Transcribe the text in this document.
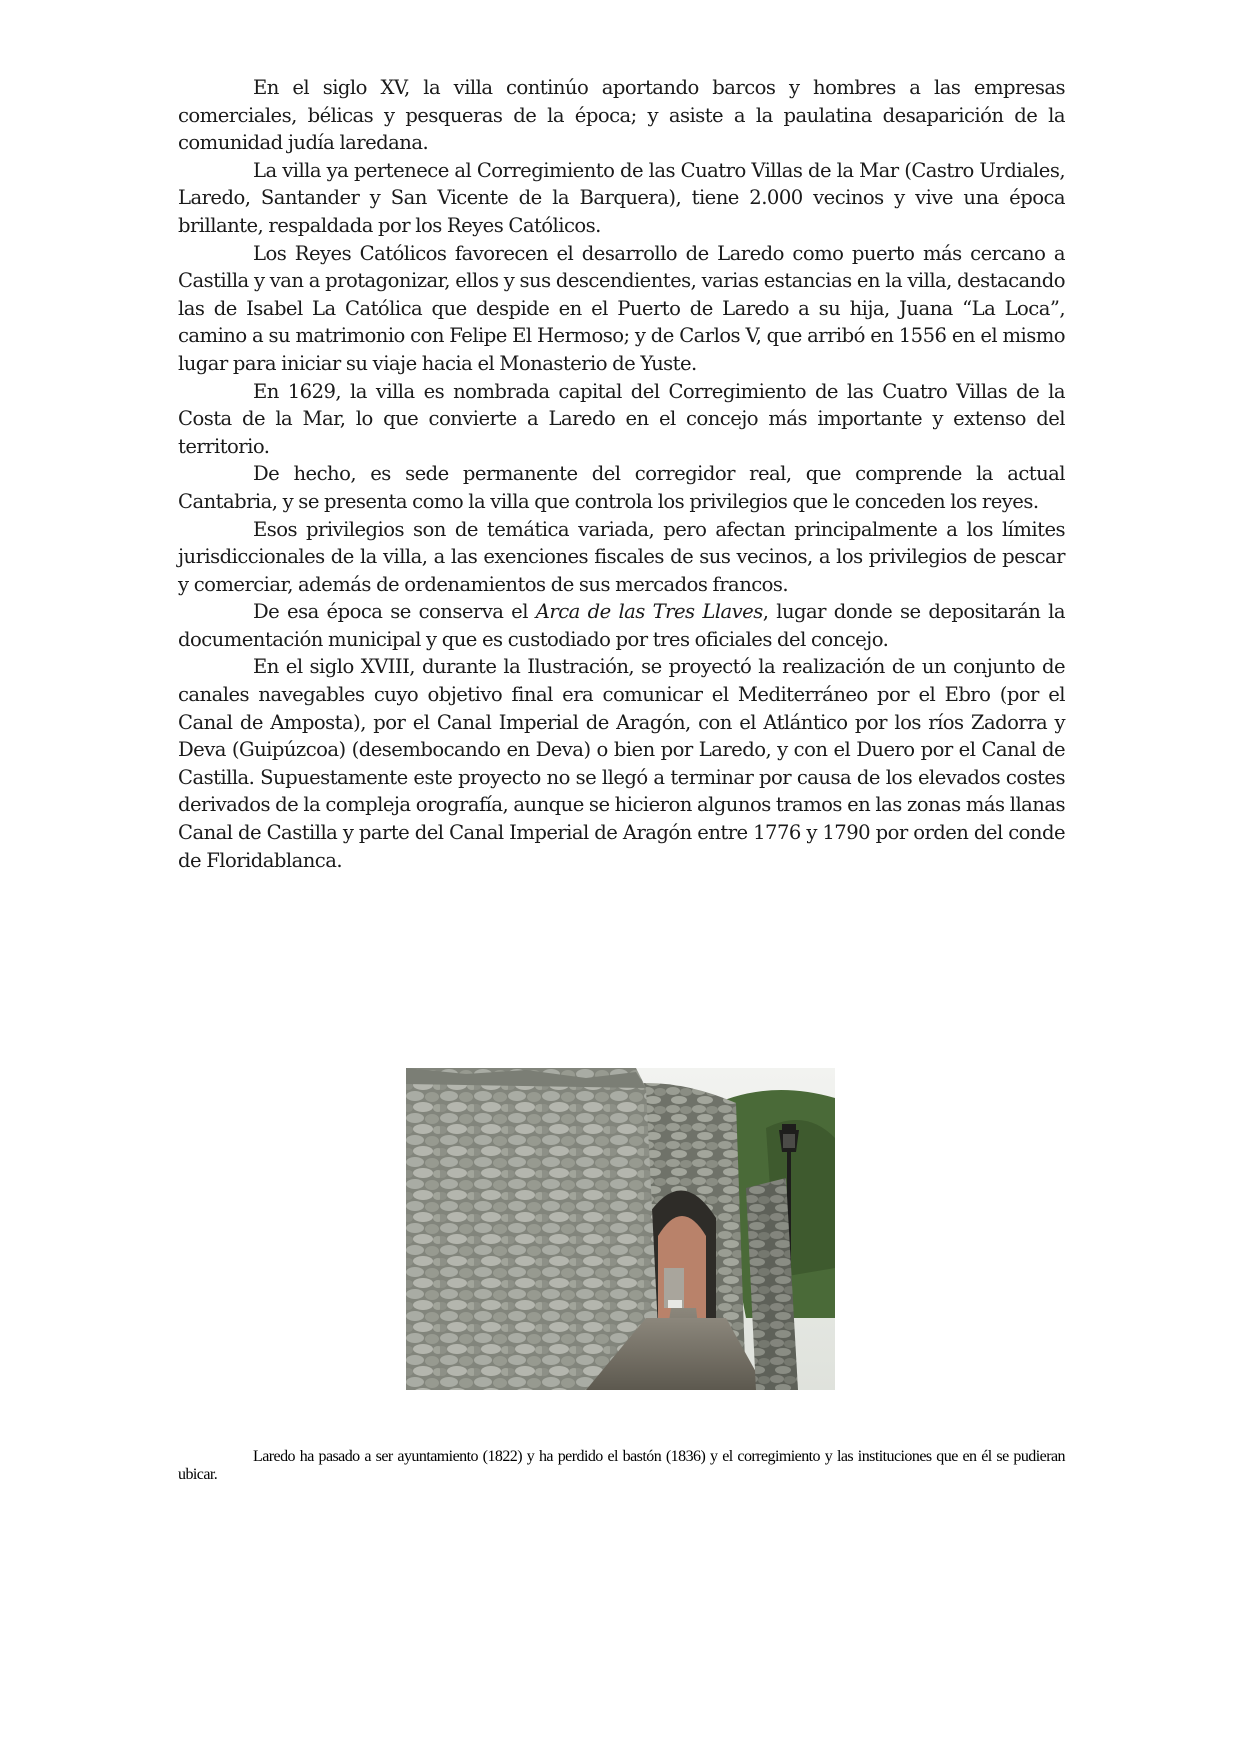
En el siglo XV, la villa continúo aportando barcos y hombres a las empresas comerciales, bélicas y pesqueras de la época; y asiste a la paulatina desaparición de la comunidad judía laredana.

La villa ya pertenece al Corregimiento de las Cuatro Villas de la Mar (Castro Urdiales, Laredo, Santander y San Vicente de la Barquera), tiene 2.000 vecinos y vive una época brillante, respaldada por los Reyes Católicos.

Los Reyes Católicos favorecen el desarrollo de Laredo como puerto más cercano a Castilla y van a protagonizar, ellos y sus descendientes, varias estancias en la villa, destacando las de Isabel La Católica que despide en el Puerto de Laredo a su hija, Juana “La Loca”, camino a su matrimonio con Felipe El Hermoso; y de Carlos V, que arribó en 1556 en el mismo lugar para iniciar su viaje hacia el Monasterio de Yuste.

En 1629, la villa es nombrada capital del Corregimiento de las Cuatro Villas de la Costa de la Mar, lo que convierte a Laredo en el concejo más importante y extenso del territorio.

De hecho, es sede permanente del corregidor real, que comprende la actual Cantabria, y se presenta como la villa que controla los privilegios que le conceden los reyes.

Esos privilegios son de temática variada, pero afectan principalmente a los límites jurisdiccionales de la villa, a las exenciones fiscales de sus vecinos, a los privilegios de pescar y comerciar, además de ordenamientos de sus mercados francos.

De esa época se conserva el Arca de las Tres Llaves, lugar donde se depositarán la documentación municipal y que es custodiado por tres oficiales del concejo.

En el siglo XVIII, durante la Ilustración, se proyectó la realización de un conjunto de canales navegables cuyo objetivo final era comunicar el Mediterráneo por el Ebro (por el Canal de Amposta), por el Canal Imperial de Aragón, con el Atlántico por los ríos Zadorra y Deva (Guipúzcoa) (desembocando en Deva) o bien por Laredo, y con el Duero por el Canal de Castilla. Supuestamente este proyecto no se llegó a terminar por causa de los elevados costes derivados de la compleja orografía, aunque se hicieron algunos tramos en las zonas más llanas Canal de Castilla y parte del Canal Imperial de Aragón entre 1776 y 1790 por orden del conde de Floridablanca.

Laredo ha pasado a ser ayuntamiento (1822) y ha perdido el bastón (1836) y el corregimiento y las instituciones que en él se pudieran ubicar.
